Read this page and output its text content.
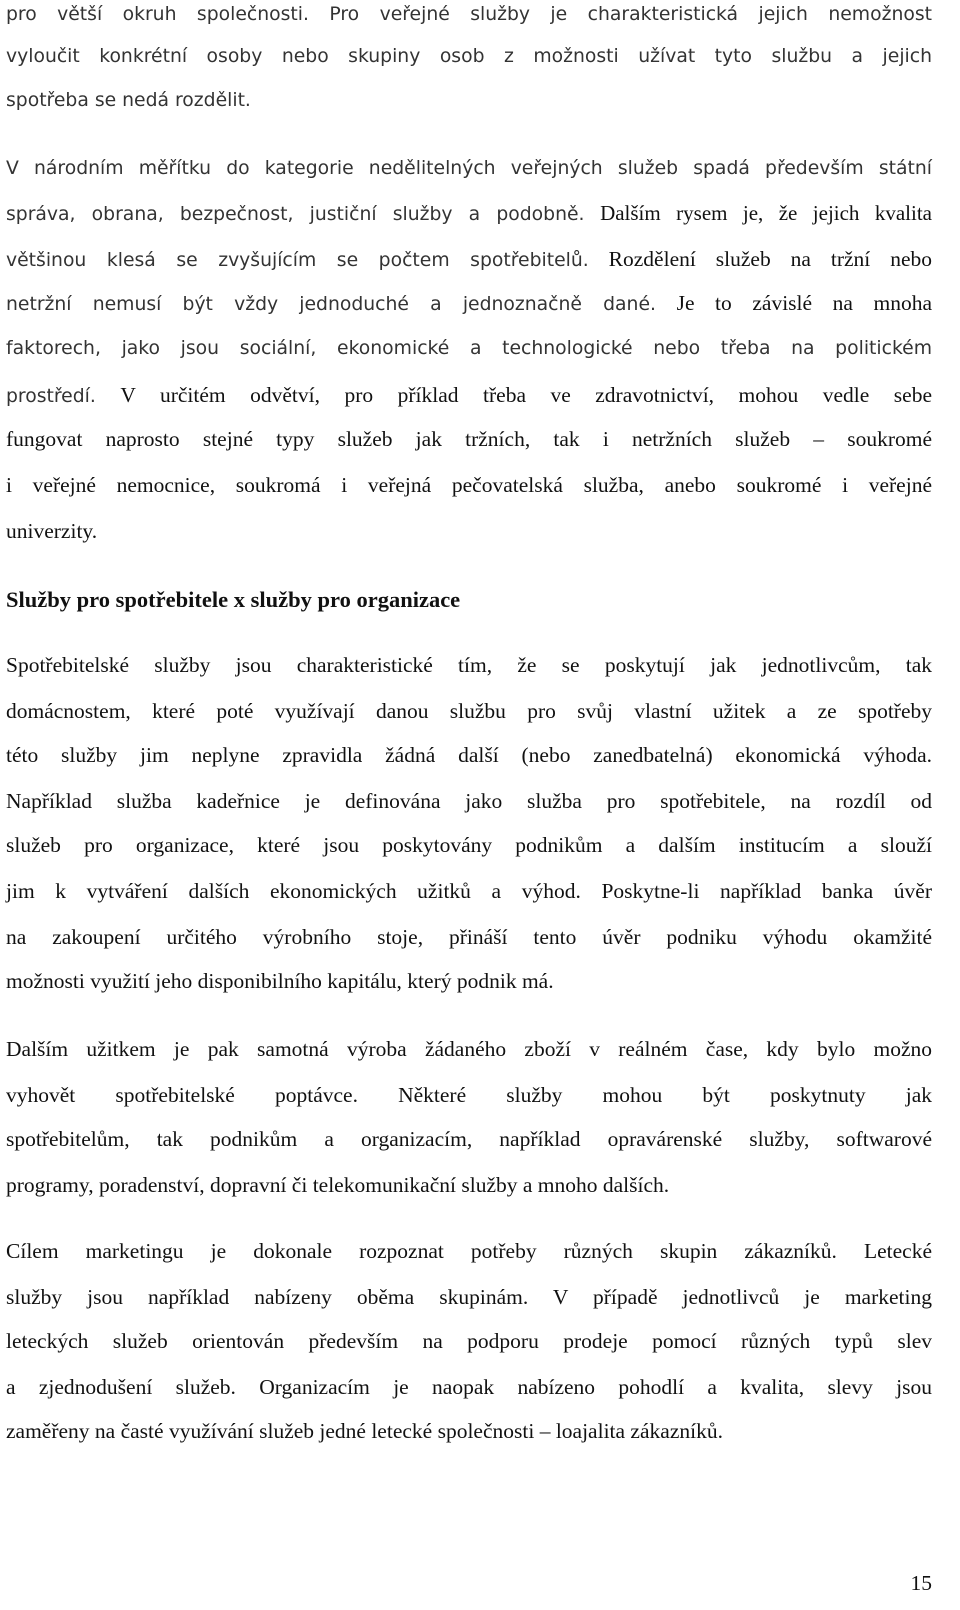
pro větší okruh společnosti. Pro veřejné služby je charakteristická jejich nemožnost
vyloučit konkrétní osoby nebo skupiny osob z možnosti užívat tyto službu a jejich
spotřeba se nedá rozdělit.
V národním měřítku do kategorie nedělitelných veřejných služeb spadá především státní
správa, obrana, bezpečnost, justiční služby a podobně. Dalším rysem je, že jejich kvalita
většinou klesá se zvyšujícím se počtem spotřebitelů. Rozdělení služeb na tržní nebo
netržní nemusí být vždy jednoduché a jednoznačně dané. Je to závislé na mnoha
faktorech, jako jsou sociální, ekonomické a technologické nebo třeba na politickém
prostředí. V určitém odvětví, pro příklad třeba ve zdravotnictví, mohou vedle sebe
fungovat naprosto stejné typy služeb jak tržních, tak i netržních služeb – soukromé
i veřejné nemocnice, soukromá i veřejná pečovatelská služba, anebo soukromé i veřejné
univerzity.
Služby pro spotřebitele x služby pro organizace
Spotřebitelské služby jsou charakteristické tím, že se poskytují jak jednotlivcům, tak
domácnostem, které poté využívají danou službu pro svůj vlastní užitek a ze spotřeby
této služby jim neplyne zpravidla žádná další (nebo zanedbatelná) ekonomická výhoda.
Například služba kadeřnice je definována jako služba pro spotřebitele, na rozdíl od
služeb pro organizace, které jsou poskytovány podnikům a dalším institucím a slouží
jim k vytváření dalších ekonomických užitků a výhod. Poskytne-li například banka úvěr
na zakoupení určitého výrobního stoje, přináší tento úvěr podniku výhodu okamžité
možnosti využití jeho disponibilního kapitálu, který podnik má.
Dalším užitkem je pak samotná výroba žádaného zboží v reálném čase, kdy bylo možno
vyhovět spotřebitelské poptávce. Některé služby mohou být poskytnuty jak
spotřebitelům, tak podnikům a organizacím, například opravárenské služby, softwarové
programy, poradenství, dopravní či telekomunikační služby a mnoho dalších.
Cílem marketingu je dokonale rozpoznat potřeby různých skupin zákazníků. Letecké
služby jsou například nabízeny oběma skupinám. V případě jednotlivců je marketing
leteckých služeb orientován především na podporu prodeje pomocí různých typů slev
a zjednodušení služeb. Organizacím je naopak nabízeno pohodlí a kvalita, slevy jsou
zaměřeny na časté využívání služeb jedné letecké společnosti – loajalita zákazníků.
15
